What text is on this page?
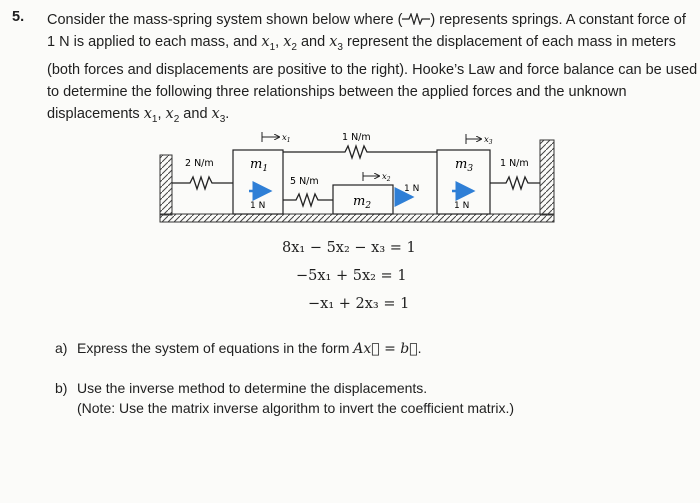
5. Consider the mass-spring system shown below where ( ) represents springs. A constant force of

1 N is applied to each mass, and $x_1$, $x_2$ and $x_3$ represent the displacement of each mass in meters

(both forces and displacements are positive to the right). Hooke’s Law and force balance can be used

to determine the following three relationships between the applied forces and the unknown

displacements $x_1$, $x_2$ and $x_3$.

$m_1$
$m_2$
$m_3$
2 N/m
1 N/m
5 N/m
1 N/m
$x_1$
$x_2$
$x_3$
1 N
1 N
1 N
8x₁ − 5x₂ − x₃ = 1
−5x₁ + 5x₂ = 1
−x₁ + 2x₃ = 1
a) Express the system of equations in the form Ax⃗ = b⃗.
b) Use the inverse method to determine the displacements.
(Note: Use the matrix inverse algorithm to invert the coefficient matrix.)
